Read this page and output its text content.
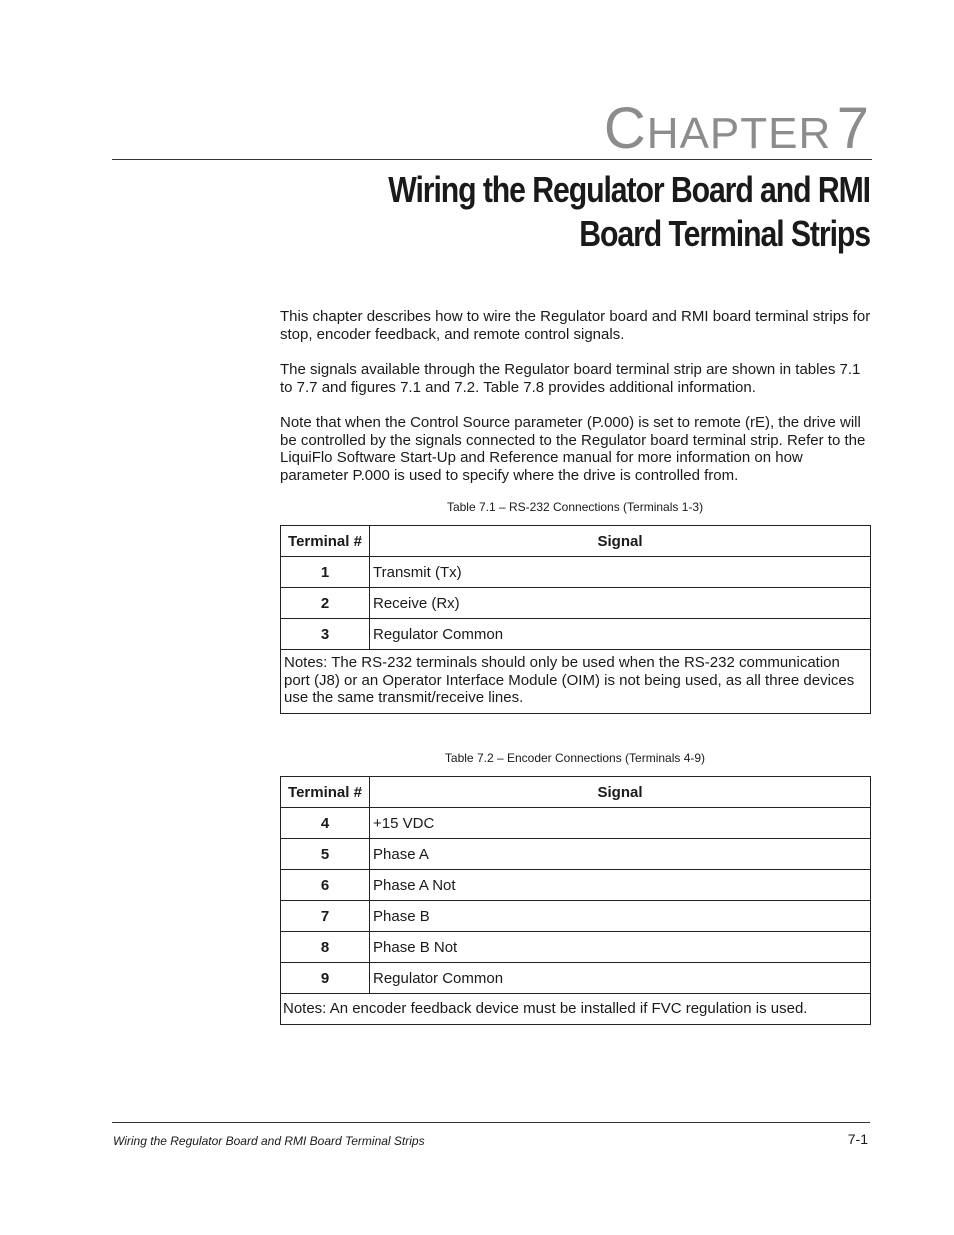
CHAPTER 7
Wiring the Regulator Board and RMI
Board Terminal Strips

This chapter describes how to wire the Regulator board and RMI board terminal strips for stop, encoder feedback, and remote control signals.

The signals available through the Regulator board terminal strip are shown in tables 7.1 to 7.7 and figures 7.1 and 7.2. Table 7.8 provides additional information.

Note that when the Control Source parameter (P.000) is set to remote (rE), the drive will be controlled by the signals connected to the Regulator board terminal strip. Refer to the LiquiFlo Software Start-Up and Reference manual for more information on how parameter P.000 is used to specify where the drive is controlled from.

Table 7.1 – RS-232 Connections (Terminals 1-3)
Terminal #	Signal
1	Transmit (Tx)
2	Receive (Rx)
3	Regulator Common
Notes: The RS-232 terminals should only be used when the RS-232 communication port (J8) or an Operator Interface Module (OIM) is not being used, as all three devices use the same transmit/receive lines.	
Table 7.2 – Encoder Connections (Terminals 4-9)
Terminal #	Signal
4	+15 VDC
5	Phase A
6	Phase A Not
7	Phase B
8	Phase B Not
9	Regulator Common
Notes: An encoder feedback device must be installed if FVC regulation is used.	
Wiring the Regulator Board and RMI Board Terminal Strips	7-1
